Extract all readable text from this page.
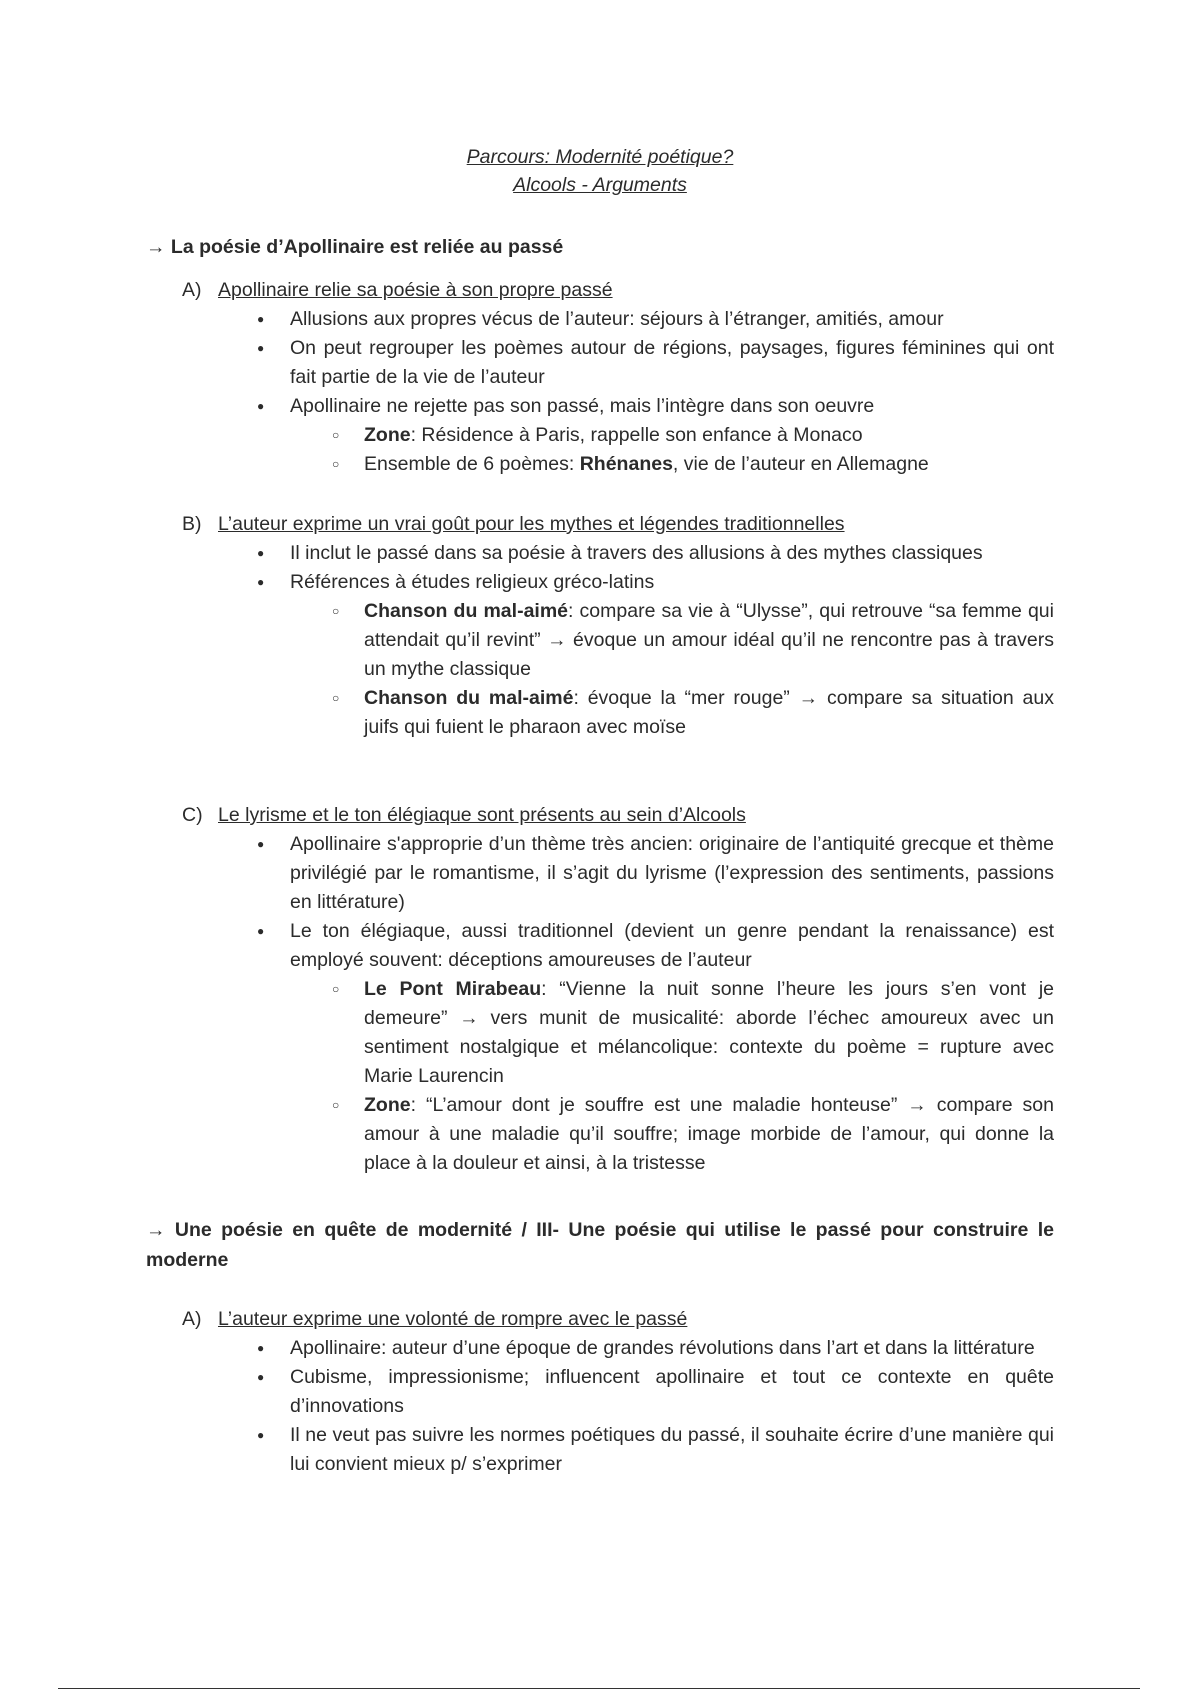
Parcours: Modernité poétique?
Alcools - Arguments
→ La poésie d’Apollinaire est reliée au passé
A) Apollinaire relie sa poésie à son propre passé
● Allusions aux propres vécus de l’auteur: séjours à l’étranger, amitiés, amour
● On peut regrouper les poèmes autour de régions, paysages, figures féminines qui ont fait partie de la vie de l’auteur
● Apollinaire ne rejette pas son passé, mais l’intègre dans son oeuvre
○ Zone: Résidence à Paris, rappelle son enfance à Monaco
○ Ensemble de 6 poèmes: Rhénanes, vie de l’auteur en Allemagne
B) L’auteur exprime un vrai goût pour les mythes et légendes traditionnelles
● Il inclut le passé dans sa poésie à travers des allusions à des mythes classiques
● Références à études religieux gréco-latins
○ Chanson du mal-aimé: compare sa vie à “Ulysse”, qui retrouve “sa femme qui attendait qu’il revint” → évoque un amour idéal qu’il ne rencontre pas à travers un mythe classique
○ Chanson du mal-aimé: évoque la “mer rouge” → compare sa situation aux juifs qui fuient le pharaon avec moïse
C) Le lyrisme et le ton élégiaque sont présents au sein d’Alcools
● Apollinaire s'approprie d’un thème très ancien: originaire de l’antiquité grecque et thème privilégié par le romantisme, il s’agit du lyrisme (l’expression des sentiments, passions en littérature)
● Le ton élégiaque, aussi traditionnel (devient un genre pendant la renaissance) est employé souvent: déceptions amoureuses de l’auteur
○ Le Pont Mirabeau: “Vienne la nuit sonne l’heure les jours s’en vont je demeure” → vers munit de musicalité: aborde l’échec amoureux avec un sentiment nostalgique et mélancolique: contexte du poème = rupture avec Marie Laurencin
○ Zone: “L’amour dont je souffre est une maladie honteuse” → compare son amour à une maladie qu’il souffre; image morbide de l’amour, qui donne la place à la douleur et ainsi, à la tristesse
→ Une poésie en quête de modernité / III- Une poésie qui utilise le passé pour construire le moderne
A) L’auteur exprime une volonté de rompre avec le passé
● Apollinaire: auteur d’une époque de grandes révolutions dans l’art et dans la littérature
● Cubisme, impressionisme; influencent apollinaire et tout ce contexte en quête d’innovations
● Il ne veut pas suivre les normes poétiques du passé, il souhaite écrire d’une manière qui lui convient mieux p/ s’exprimer
